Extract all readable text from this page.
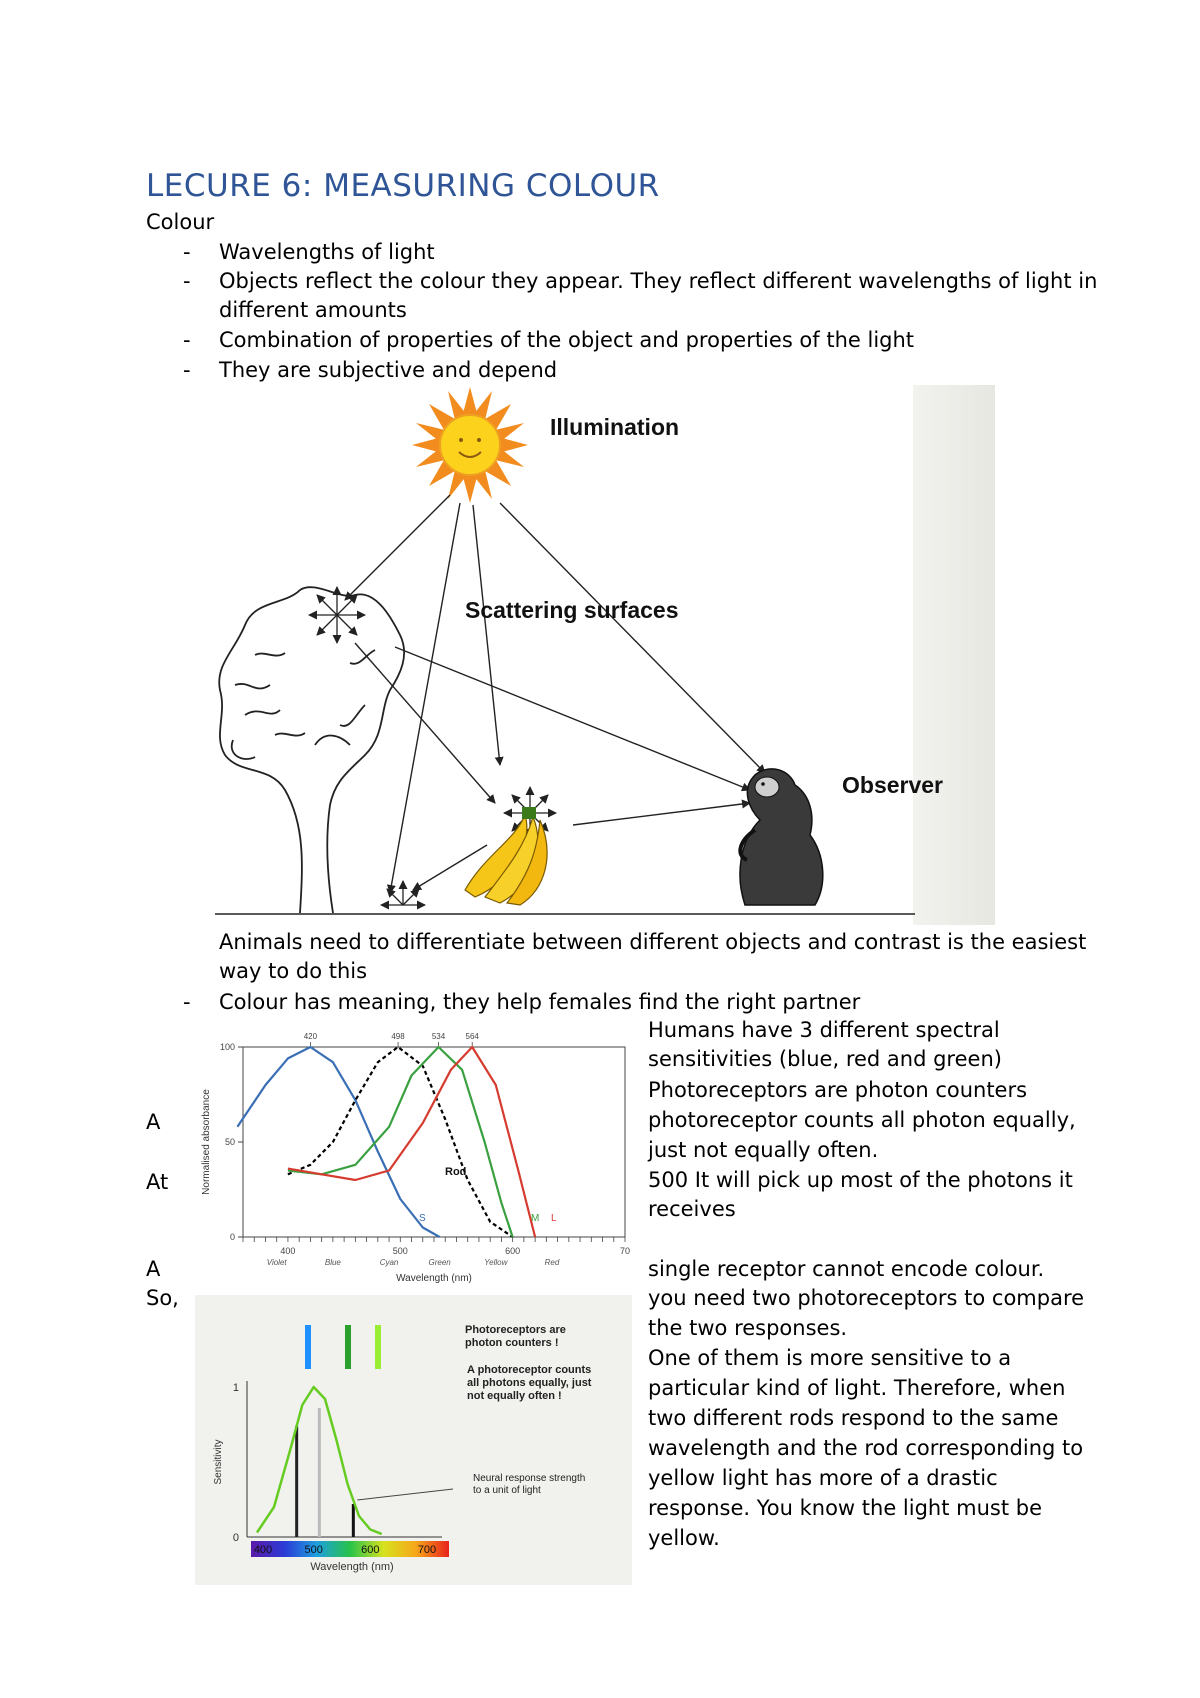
LECURE 6: MEASURING COLOUR
Colour
- Wavelengths of light
- Objects reflect the colour they appear. They reflect different wavelengths of light in
different amounts
- Combination of properties of the object and properties of the light
- They are subjective and depend
Illumination
Scattering surfaces
Observer
Animals need to differentiate between different objects and contrast is the easiest
way to do this
- Colour has meaning, they help females find the right partner
A
At
A
So,
Humans have 3 different spectral
sensitivities (blue, red and green)
Photoreceptors are photon counters
photoreceptor counts all photon equally,
just not equally often.
500 It will pick up most of the photons it
receives
single receptor cannot encode colour.
you need two photoreceptors to compare
the two responses.
One of them is more sensitive to a
particular kind of light. Therefore, when
two different rods respond to the same
wavelength and the rod corresponding to
yellow light has more of a drastic
response. You know the light must be
yellow.
0
50
100
400	500	600	70
Violet	Blue	Cyan	Green	Yellow	Red
Wavelength (nm)
Normalised absorbance
420	498	534	564
Rod
S	M L
0
1
Sensitivity
400	500	600	700
Wavelength (nm)
Photoreceptors are photon counters !
A photoreceptor counts all photons equally, just not equally often !
Neural response strength to a unit of light
